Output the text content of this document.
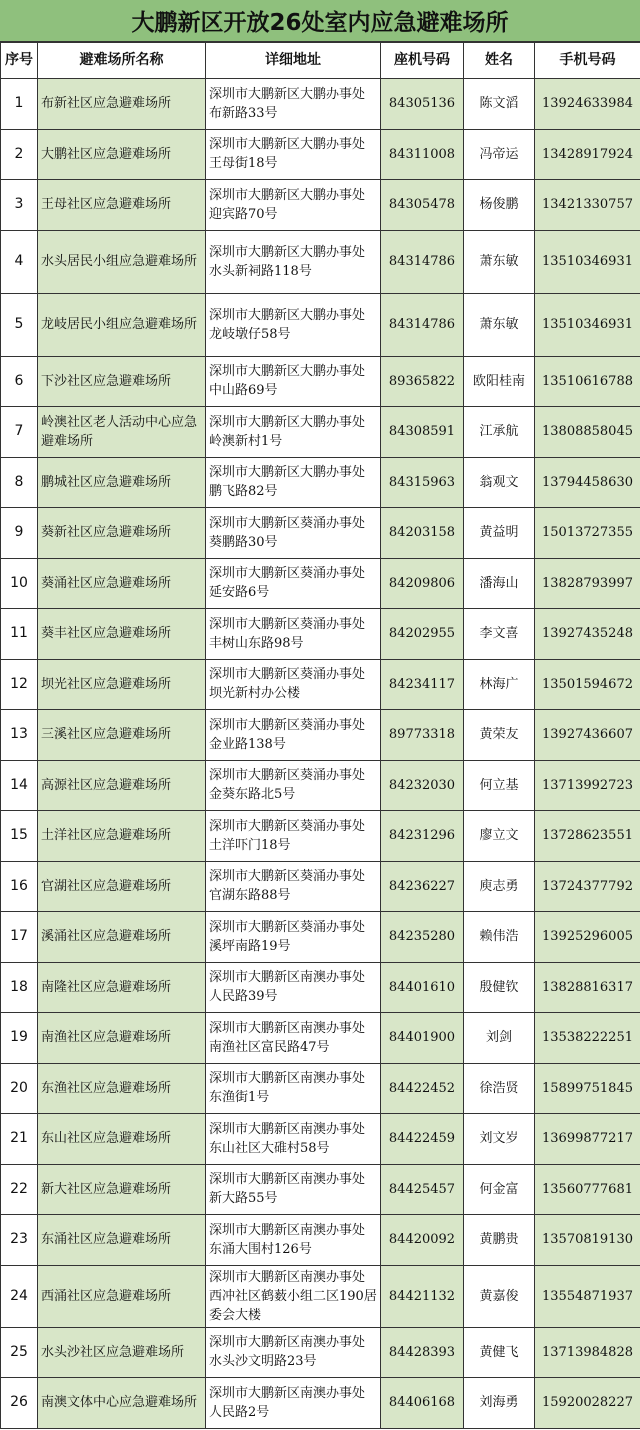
大鹏新区开放26处室内应急避难场所
序号	避难场所名称	详细地址	座机号码	姓名	手机号码
1	布新社区应急避难场所	深圳市大鹏新区大鹏办事处布新路33号	84305136	陈文滔	13924633984
2	大鹏社区应急避难场所	深圳市大鹏新区大鹏办事处王母街18号	84311008	冯帝运	13428917924
3	王母社区应急避难场所	深圳市大鹏新区大鹏办事处迎宾路70号	84305478	杨俊鹏	13421330757
4	水头居民小组应急避难场所	深圳市大鹏新区大鹏办事处水头新祠路118号	84314786	萧东敏	13510346931
5	龙岐居民小组应急避难场所	深圳市大鹏新区大鹏办事处龙岐墩仔58号	84314786	萧东敏	13510346931
6	下沙社区应急避难场所	深圳市大鹏新区大鹏办事处中山路69号	89365822	欧阳桂南	13510616788
7	岭澳社区老人活动中心应急避难场所	深圳市大鹏新区大鹏办事处岭澳新村1号	84308591	江承航	13808858045
8	鹏城社区应急避难场所	深圳市大鹏新区大鹏办事处鹏飞路82号	84315963	翁观文	13794458630
9	葵新社区应急避难场所	深圳市大鹏新区葵涌办事处葵鹏路30号	84203158	黄益明	15013727355
10	葵涌社区应急避难场所	深圳市大鹏新区葵涌办事处延安路6号	84209806	潘海山	13828793997
11	葵丰社区应急避难场所	深圳市大鹏新区葵涌办事处丰树山东路98号	84202955	李文喜	13927435248
12	坝光社区应急避难场所	深圳市大鹏新区葵涌办事处坝光新村办公楼	84234117	林海广	13501594672
13	三溪社区应急避难场所	深圳市大鹏新区葵涌办事处金业路138号	89773318	黄荣友	13927436607
14	高源社区应急避难场所	深圳市大鹏新区葵涌办事处金葵东路北5号	84232030	何立基	13713992723
15	土洋社区应急避难场所	深圳市大鹏新区葵涌办事处土洋吓门18号	84231296	廖立文	13728623551
16	官湖社区应急避难场所	深圳市大鹏新区葵涌办事处官湖东路88号	84236227	庾志勇	13724377792
17	溪涌社区应急避难场所	深圳市大鹏新区葵涌办事处溪坪南路19号	84235280	赖伟浩	13925296005
18	南隆社区应急避难场所	深圳市大鹏新区南澳办事处人民路39号	84401610	殷健钦	13828816317
19	南渔社区应急避难场所	深圳市大鹏新区南澳办事处南渔社区富民路47号	84401900	刘剑	13538222251
20	东渔社区应急避难场所	深圳市大鹏新区南澳办事处东渔街1号	84422452	徐浩贤	15899751845
21	东山社区应急避难场所	深圳市大鹏新区南澳办事处东山社区大碓村58号	84422459	刘文岁	13699877217
22	新大社区应急避难场所	深圳市大鹏新区南澳办事处新大路55号	84425457	何金富	13560777681
23	东涌社区应急避难场所	深圳市大鹏新区南澳办事处东涌大围村126号	84420092	黄鹏贵	13570819130
24	西涌社区应急避难场所	深圳市大鹏新区南澳办事处西冲社区鹤薮小组二区190居委会大楼	84421132	黄嘉俊	13554871937
25	水头沙社区应急避难场所	深圳市大鹏新区南澳办事处水头沙文明路23号	84428393	黄健飞	13713984828
26	南澳文体中心应急避难场所	深圳市大鹏新区南澳办事处人民路2号	84406168	刘海勇	15920028227
